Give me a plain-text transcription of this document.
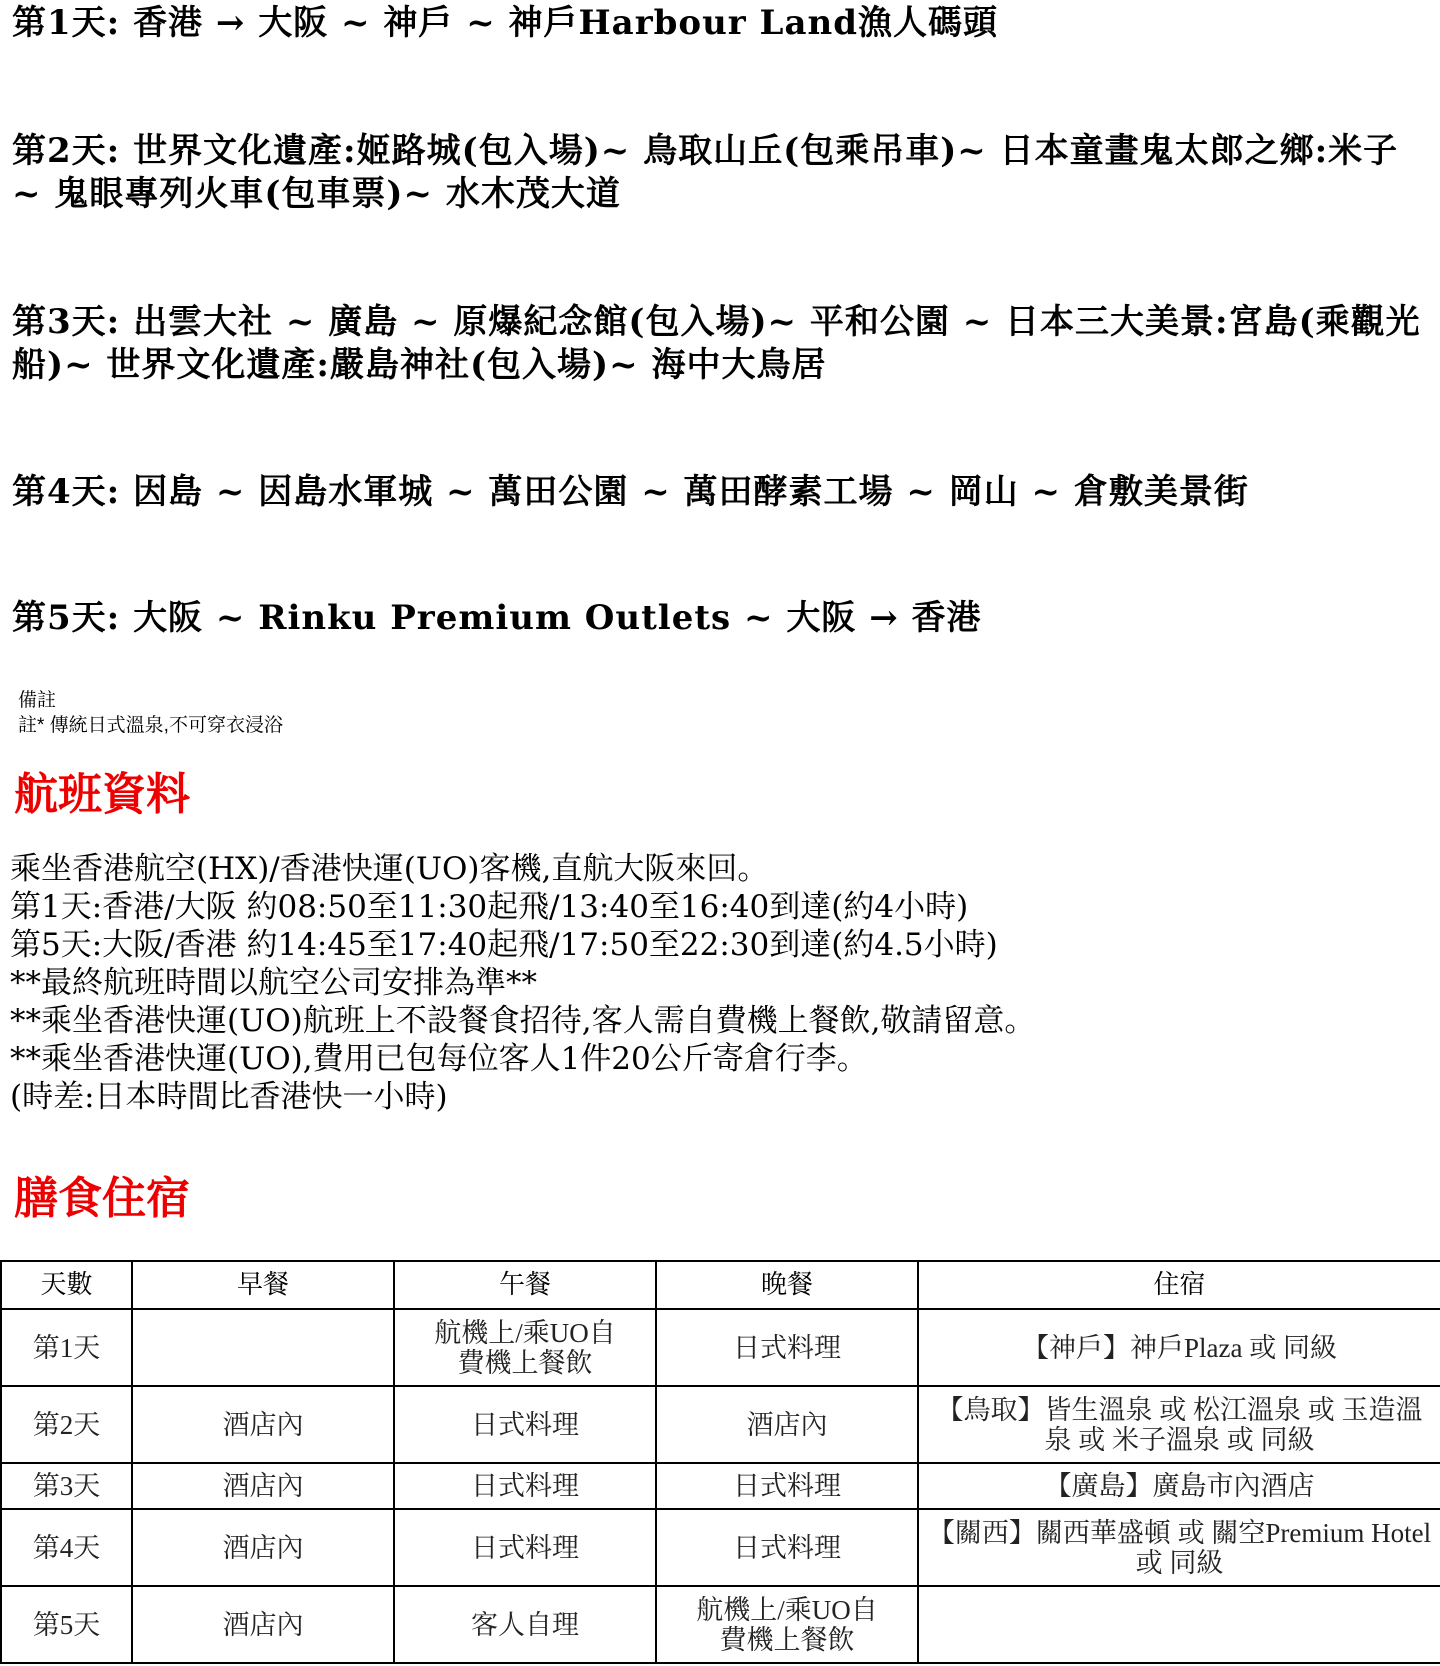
第1天: 香港 → 大阪 ~ 神戶 ~ 神戶Harbour Land漁人碼頭
第2天: 世界文化遺產:姬路城(包入場)~ 鳥取山丘(包乘吊車)~ 日本童畫鬼太郎之鄉:米子 ~ 鬼眼專列火車(包車票)~ 水木茂大道
第3天: 出雲大社 ~ 廣島 ~ 原爆紀念館(包入場)~ 平和公園 ~ 日本三大美景:宮島(乘觀光船)~ 世界文化遺產:嚴島神社(包入場)~ 海中大鳥居
第4天: 因島 ~ 因島水軍城 ~ 萬田公園 ~ 萬田酵素工場 ~ 岡山 ~ 倉敷美景街
第5天: 大阪 ~ Rinku Premium Outlets ~ 大阪 → 香港
備註
註* 傳統日式溫泉,不可穿衣浸浴
航班資料
乘坐香港航空(HX)/香港快運(UO)客機,直航大阪來回。
第1天:香港/大阪 約08:50至11:30起飛/13:40至16:40到達(約4小時)
第5天:大阪/香港 約14:45至17:40起飛/17:50至22:30到達(約4.5小時)
**最終航班時間以航空公司安排為準**
**乘坐香港快運(UO)航班上不設餐食招待,客人需自費機上餐飲,敬請留意。
**乘坐香港快運(UO),費用已包每位客人1件20公斤寄倉行李。
(時差:日本時間比香港快一小時)
膳食住宿
天數	早餐	午餐	晚餐	住宿
第1天		航機上/乘UO自費機上餐飲	日式料理	【神戶】神戶Plaza 或 同級
第2天	酒店內	日式料理	酒店內	【鳥取】皆生溫泉 或 松江溫泉 或 玉造溫泉 或 米子溫泉 或 同級
第3天	酒店內	日式料理	日式料理	【廣島】廣島市內酒店
第4天	酒店內	日式料理	日式料理	【關西】關西華盛頓 或 關空Premium Hotel 或 同級
第5天	酒店內	客人自理	航機上/乘UO自費機上餐飲	
